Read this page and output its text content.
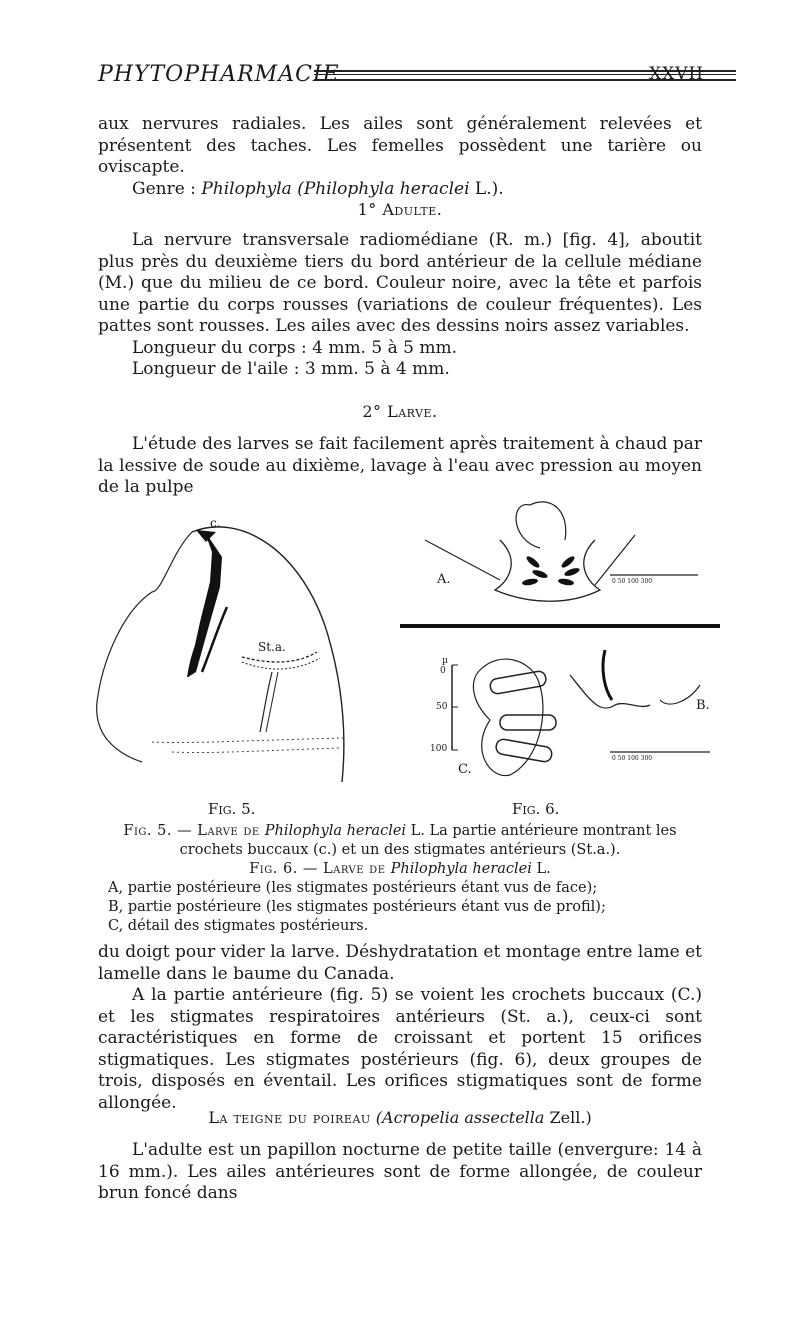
PHYTOPHARMACIE	XXVII

aux nervures radiales. Les ailes sont généralement relevées et présentent des taches. Les femelles possèdent une tarière ou oviscapte.

Genre : Philophyla (Philophyla heraclei L.).

1° Adulte.

La nervure transversale radiomédiane (R. m.) [fig. 4], aboutit plus près du deuxième tiers du bord antérieur de la cellule médiane (M.) que du milieu de ce bord. Couleur noire, avec la tête et parfois une partie du corps rousses (variations de couleur fréquentes). Les pattes sont rousses. Les ailes avec des dessins noirs assez variables.

Longueur du corps : 4 mm. 5 à 5 mm.

Longueur de l'aile : 3 mm. 5 à 4 mm.

2° Larve.

L'étude des larves se fait facilement après traitement à chaud par la lessive de soude au dixième, lavage à l'eau avec pression au moyen de la pulpe

c.
St.a.
Fig. 5.
A.
B.
C.
µ
0
50
100
0 50 100 300
0 50 100 300
Fig. 6.

Fig. 5. — Larve de Philophyla heraclei L. La partie antérieure montrant les crochets buccaux (c.) et un des stigmates antérieurs (St.a.).

Fig. 6. — Larve de Philophyla heraclei L.

A, partie postérieure (les stigmates postérieurs étant vus de face);

B, partie postérieure (les stigmates postérieurs étant vus de profil);

C, détail des stigmates postérieurs.

du doigt pour vider la larve. Déshydratation et montage entre lame et lamelle dans le baume du Canada.

A la partie antérieure (fig. 5) se voient les crochets buccaux (C.) et les stigmates respiratoires antérieurs (St. a.), ceux-ci sont caractéristiques en forme de croissant et portent 15 orifices stigmatiques. Les stigmates postérieurs (fig. 6), deux groupes de trois, disposés en éventail. Les orifices stigmatiques sont de forme allongée.

La teigne du poireau (Acropelia assectella Zell.)

L'adulte est un papillon nocturne de petite taille (envergure: 14 à 16 mm.). Les ailes antérieures sont de forme allongée, de couleur brun foncé dans
